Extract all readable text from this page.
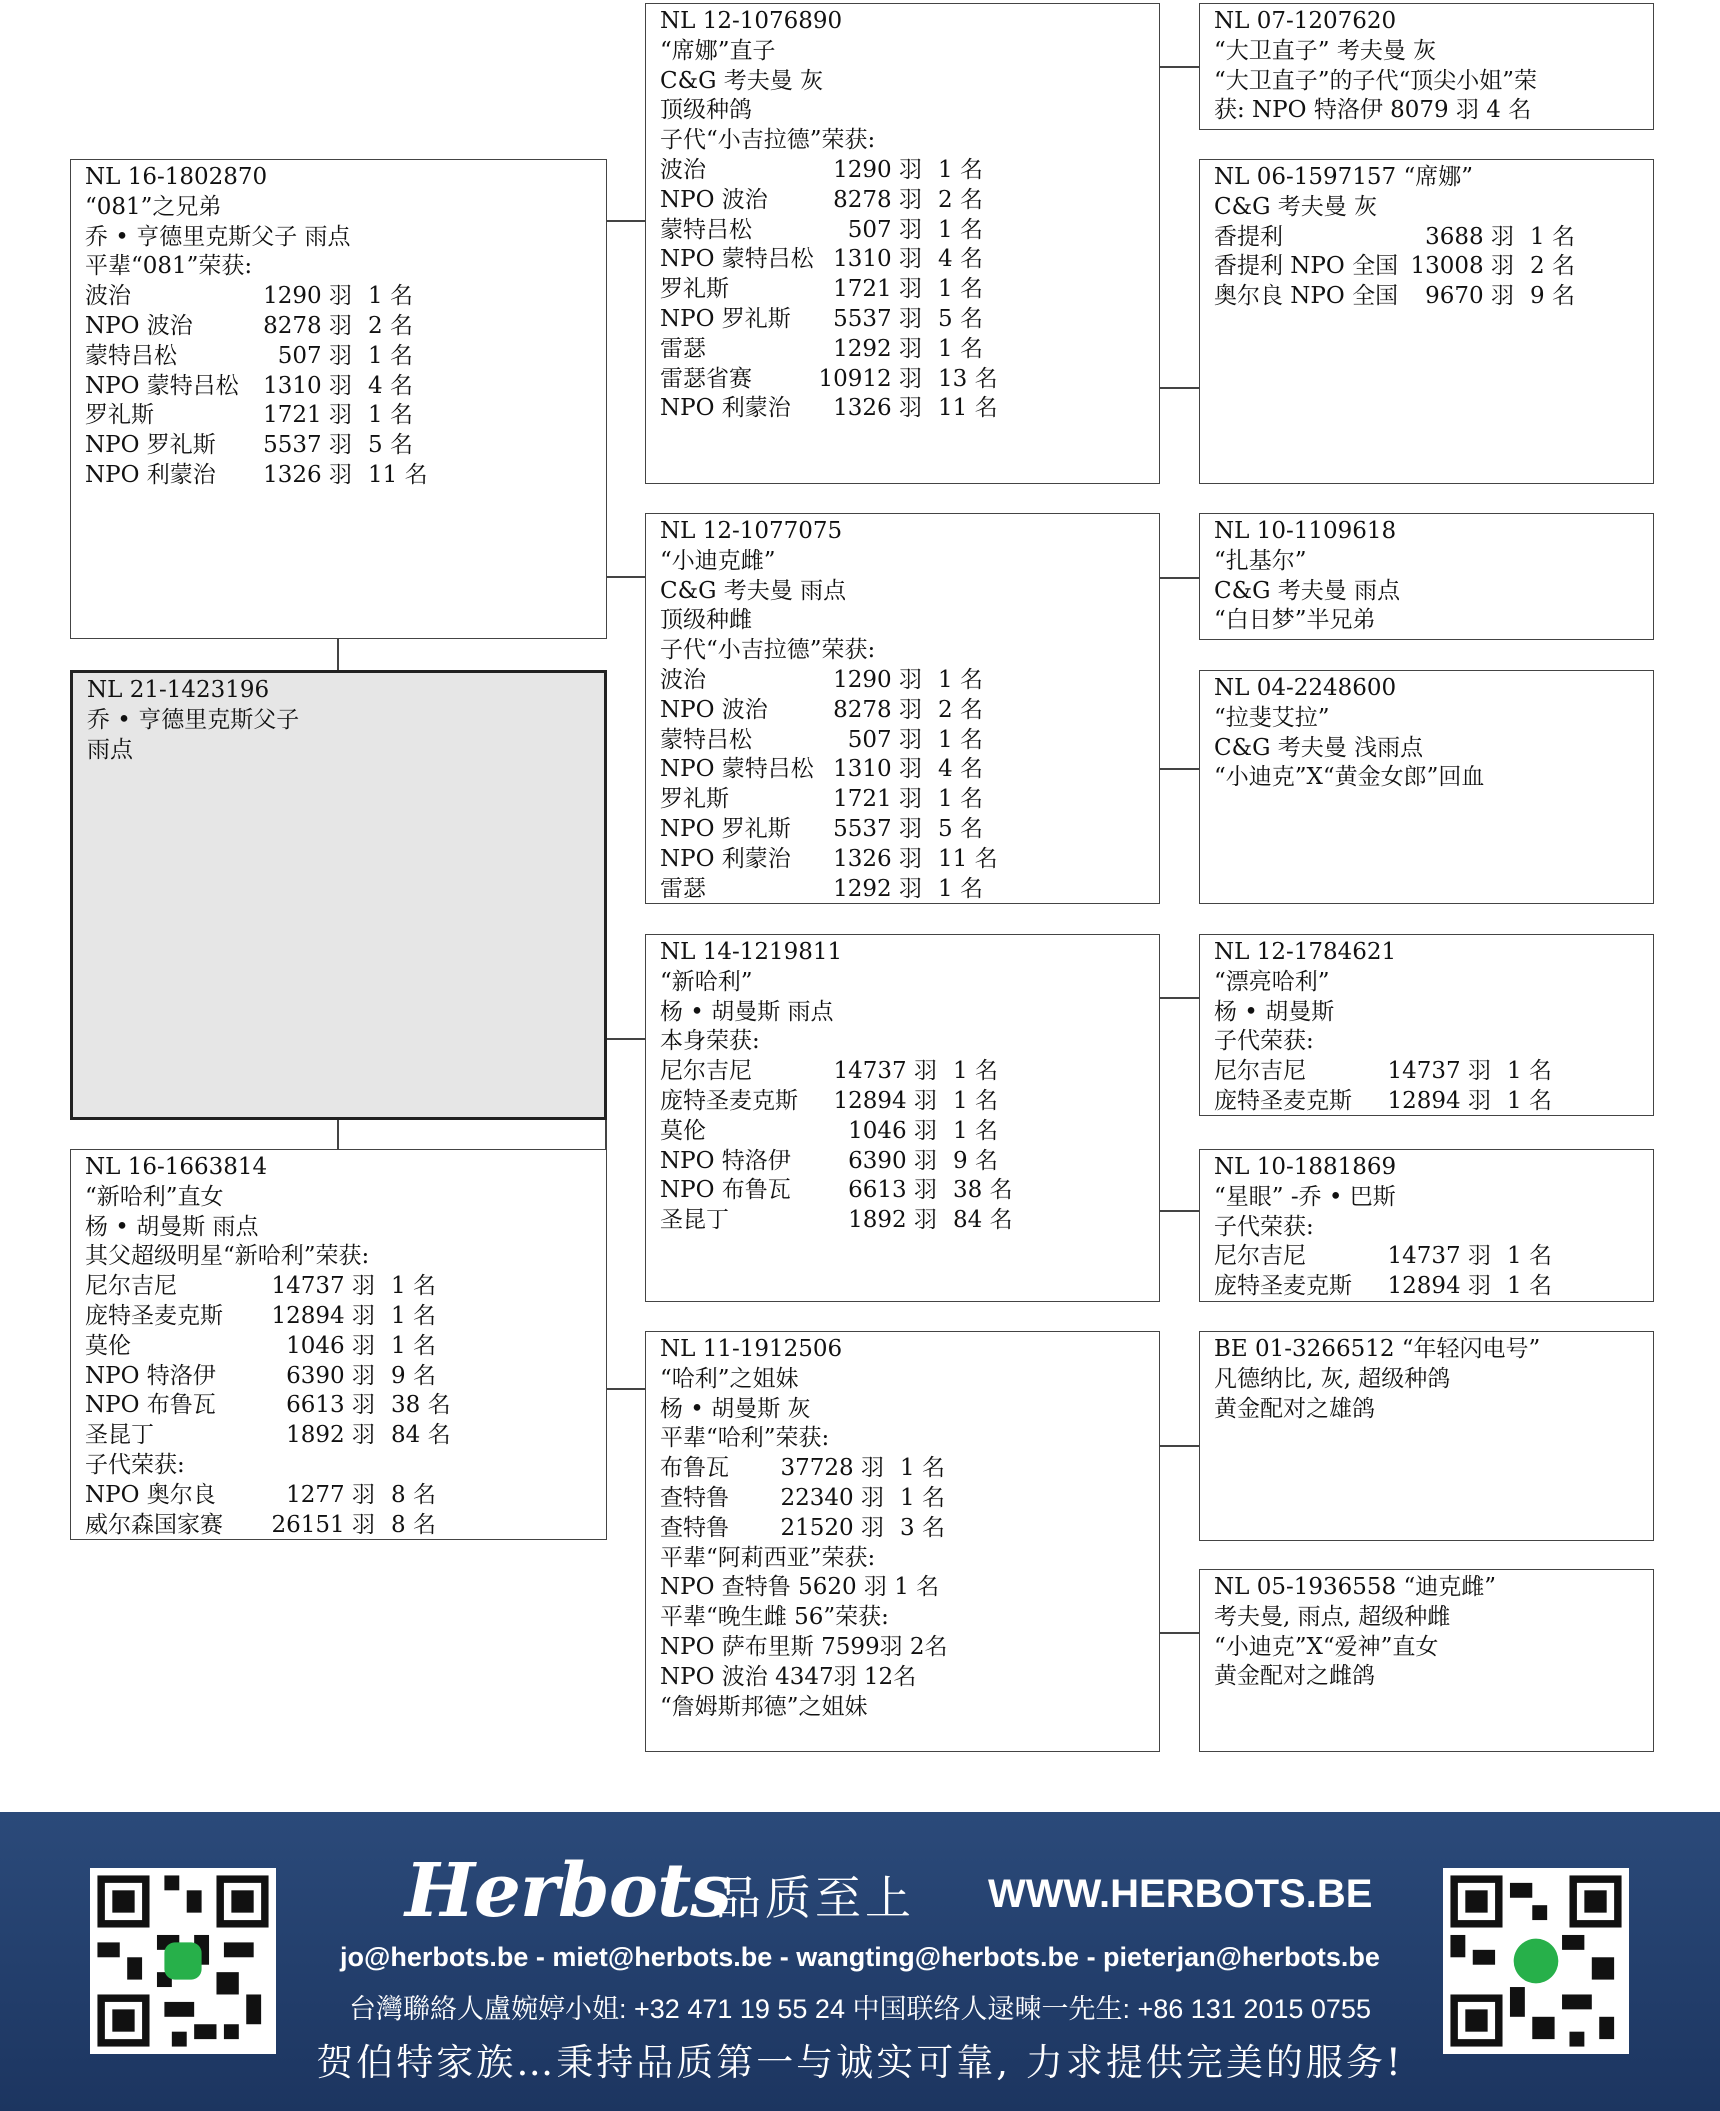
NL 21-1423196
乔 • 亨德里克斯父子
雨点
NL 16-1802870
“081”之兄弟
乔 • 亨德里克斯父子 雨点
平辈“081”荣获:
波治	1290 羽 1 名
NPO 波治	8278 羽 2 名
蒙特吕松	507 羽 1 名
NPO 蒙特吕松 1310 羽 4 名
罗礼斯	1721 羽 1 名
NPO 罗礼斯 5537 羽 5 名
NPO 利蒙治 1326 羽 11 名
NL 16-1663814
“新哈利”直女
杨 • 胡曼斯 雨点
其父超级明星“新哈利”荣获:
尼尔吉尼	14737 羽 1 名
庞特圣麦克斯 12894 羽 1 名
莫伦	1046 羽 1 名
NPO 特洛伊	6390 羽 9 名
NPO 布鲁瓦	6613 羽 38 名
圣昆丁	1892 羽 84 名
子代荣获:
NPO 奥尔良	1277 羽 8 名
威尔森国家赛 26151 羽 8 名
NL 12-1076890
“席娜”直子
C&G 考夫曼 灰
顶级种鸽
子代“小吉拉德”荣获:
波治	1290 羽 1 名
NPO 波治	8278 羽 2 名
蒙特吕松	507 羽 1 名
NPO 蒙特吕松 1310 羽 4 名
罗礼斯	1721 羽 1 名
NPO 罗礼斯 5537 羽 5 名
雷瑟	1292 羽 1 名
雷瑟省赛	10912 羽 13 名
NPO 利蒙治 1326 羽 11 名
NL 12-1077075
“小迪克雌”
C&G 考夫曼 雨点
顶级种雌
子代“小吉拉德”荣获:
波治	1290 羽 1 名
NPO 波治	8278 羽 2 名
蒙特吕松	507 羽 1 名
NPO 蒙特吕松 1310 羽 4 名
罗礼斯	1721 羽 1 名
NPO 罗礼斯 5537 羽 5 名
NPO 利蒙治 1326 羽 11 名
雷瑟	1292 羽 1 名
NL 14-1219811
“新哈利”
杨 • 胡曼斯 雨点
本身荣获:
尼尔吉尼	14737 羽 1 名
庞特圣麦克斯 12894 羽 1 名
莫伦	1046 羽 1 名
NPO 特洛伊 6390 羽 9 名
NPO 布鲁瓦 6613 羽 38 名
圣昆丁	1892 羽 84 名
NL 11-1912506
“哈利”之姐妹
杨 • 胡曼斯 灰
平辈“哈利”荣获:
布鲁瓦 37728 羽 1 名
查特鲁 22340 羽 1 名
查特鲁 21520 羽 3 名
平辈“阿莉西亚”荣获:
NPO 查特鲁 5620 羽 1 名
平辈“晚生雌 56”荣获:
NPO 萨布里斯 7599羽 2名
NPO 波治 4347羽 12名
“詹姆斯邦德”之姐妹
NL 07-1207620
“大卫直子” 考夫曼 灰
“大卫直子”的子代“顶尖小姐”荣
获: NPO 特洛伊 8079 羽 4 名
NL 06-1597157 “席娜”
C&G 考夫曼 灰
香提利	3688 羽 1 名
香提利 NPO 全国 13008 羽 2 名
奥尔良 NPO 全国 9670 羽 9 名
NL 10-1109618
“扎基尔”
C&G 考夫曼 雨点
“白日梦”半兄弟
NL 04-2248600
“拉斐艾拉”
C&G 考夫曼 浅雨点
“小迪克”X“黄金女郎”回血
NL 12-1784621
“漂亮哈利”
杨 • 胡曼斯
子代荣获:
尼尔吉尼	14737 羽 1 名
庞特圣麦克斯 12894 羽 1 名
NL 10-1881869
“星眼” -乔 • 巴斯
子代荣获:
尼尔吉尼	14737 羽 1 名
庞特圣麦克斯 12894 羽 1 名
BE 01-3266512 “年轻闪电号”
凡德纳比, 灰, 超级种鸽
黄金配对之雄鸽
NL 05-1936558 “迪克雌”
考夫曼, 雨点, 超级种雌
“小迪克”X“爱神”直女
黄金配对之雌鸽
Herbots
品质至上 WWW.HERBOTS.BE
jo@herbots.be - miet@herbots.be - wangting@herbots.be - pieterjan@herbots.be
台灣聯絡人盧婉婷小姐: +32 471 19 55 24 中国联络人逯暕一先生: +86 131 2015 0755
贺伯特家族…秉持品质第一与诚实可靠, 力求提供完美的服务!
